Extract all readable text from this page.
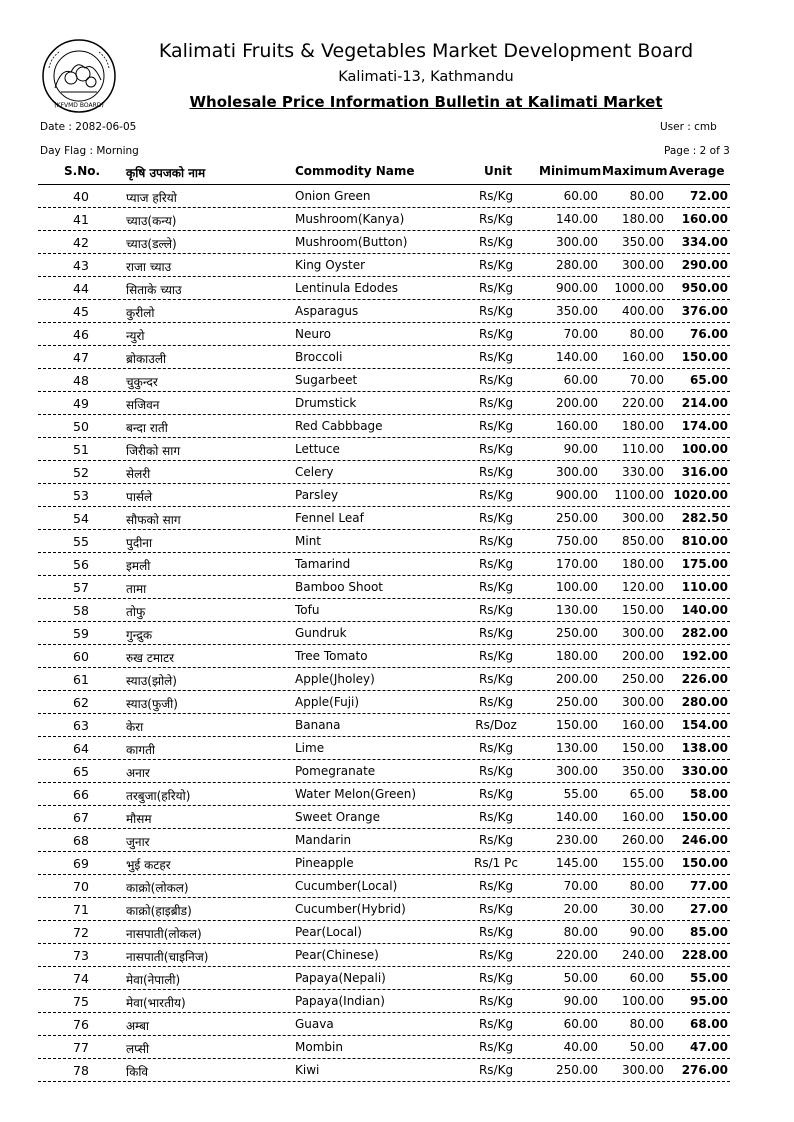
(KFVMD BOARD)
Kalimati Fruits & Vegetables Market Development Board
Kalimati-13, Kathmandu
Wholesale Price Information Bulletin at Kalimati Market
Date : 2082-06-05	User : cmb
Day Flag : Morning	Page : 2 of 3
S.No. कृषि उपजको नाम	Commodity Name	Unit Minimum Maximum Average
40	प्याज हरियो	Onion Green	Rs/Kg	60.00	80.00	72.00
41	च्याउ(कन्य)	Mushroom(Kanya)	Rs/Kg	140.00	180.00	160.00
42	च्याउ(डल्ले)	Mushroom(Button)	Rs/Kg	300.00	350.00	334.00
43	राजा च्याउ	King Oyster	Rs/Kg	280.00	300.00	290.00
44	सिताके च्याउ	Lentinula Edodes	Rs/Kg	900.00	1000.00	950.00
45	कुरीलो	Asparagus	Rs/Kg	350.00	400.00	376.00
46	न्युरो	Neuro	Rs/Kg	70.00	80.00	76.00
47	ब्रोकाउली	Broccoli	Rs/Kg	140.00	160.00	150.00
48	चुकुन्दर	Sugarbeet	Rs/Kg	60.00	70.00	65.00
49	सजिवन	Drumstick	Rs/Kg	200.00	220.00	214.00
50	बन्दा राती	Red Cabbbage	Rs/Kg	160.00	180.00	174.00
51	जिरीको साग	Lettuce	Rs/Kg	90.00	110.00	100.00
52	सेलरी	Celery	Rs/Kg	300.00	330.00	316.00
53	पार्सले	Parsley	Rs/Kg	900.00	1100.00 1020.00
54	सौफको साग	Fennel Leaf	Rs/Kg	250.00	300.00	282.50
55	पुदीना	Mint	Rs/Kg	750.00	850.00	810.00
56	इमली	Tamarind	Rs/Kg	170.00	180.00	175.00
57	तामा	Bamboo Shoot	Rs/Kg	100.00	120.00	110.00
58	तोफु	Tofu	Rs/Kg	130.00	150.00	140.00
59	गुन्द्रुक	Gundruk	Rs/Kg	250.00	300.00	282.00
60	रुख टमाटर	Tree Tomato	Rs/Kg	180.00	200.00	192.00
61	स्याउ(झोले)	Apple(Jholey)	Rs/Kg	200.00	250.00	226.00
62	स्याउ(फुजी)	Apple(Fuji)	Rs/Kg	250.00	300.00	280.00
63	केरा	Banana	Rs/Doz	150.00	160.00	154.00
64	कागती	Lime	Rs/Kg	130.00	150.00	138.00
65	अनार	Pomegranate	Rs/Kg	300.00	350.00	330.00
66	तरबुजा(हरियो)	Water Melon(Green)	Rs/Kg	55.00	65.00	58.00
67	मौसम	Sweet Orange	Rs/Kg	140.00	160.00	150.00
68	जुनार	Mandarin	Rs/Kg	230.00	260.00	246.00
69	भुई कटहर	Pineapple	Rs/1 Pc	145.00	155.00	150.00
70	काक्रो(लोकल)	Cucumber(Local)	Rs/Kg	70.00	80.00	77.00
71	काक्रो(हाइब्रीड)	Cucumber(Hybrid)	Rs/Kg	20.00	30.00	27.00
72	नासपाती(लोकल)	Pear(Local)	Rs/Kg	80.00	90.00	85.00
73	नासपाती(चाइनिज)	Pear(Chinese)	Rs/Kg	220.00	240.00	228.00
74	मेवा(नेपाली)	Papaya(Nepali)	Rs/Kg	50.00	60.00	55.00
75	मेवा(भारतीय)	Papaya(Indian)	Rs/Kg	90.00	100.00	95.00
76	अम्बा	Guava	Rs/Kg	60.00	80.00	68.00
77	लप्सी	Mombin	Rs/Kg	40.00	50.00	47.00
78	किवि	Kiwi	Rs/Kg	250.00	300.00	276.00
